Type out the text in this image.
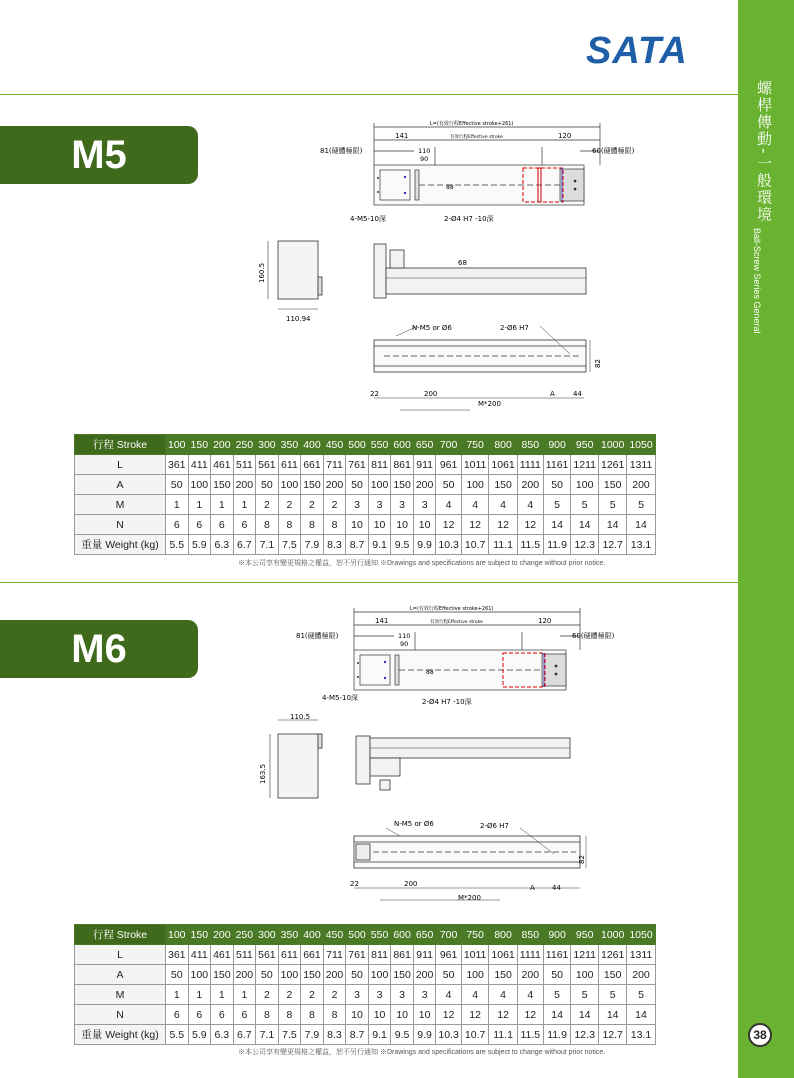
螺桿傳動-一般環境
Ball-Screw Series General
38
SATA
M5
M6
L=(有效行程Effective stroke+261)
有效行程Effective stroke
141	120
81(硬體極限)	60(硬體極限)
110
90
88
4-M5-10深	2-Ø4 H7 -10深
160.5
110.94
68
N-M5 or Ø6	2-Ø6 H7
82
22	200	A	44
M*200
行程 Stroke	100	150	200	250	300	350	400	450	500	550	600	650	700	750	800	850	900	950	1000	1050
L	361	411	461	511	561	611	661	711	761	811	861	911	961	1011	1061	1111	1161	1211	1261	1311
A	50	100	150	200	50	100	150	200	50	100	150	200	50	100	150	200	50	100	150	200
M	1	1	1	1	2	2	2	2	3	3	3	3	4	4	4	4	5	5	5	5
N	6	6	6	6	8	8	8	8	10	10	10	10	12	12	12	12	14	14	14	14
重量 Weight (kg)	5.5	5.9	6.3	6.7	7.1	7.5	7.9	8.3	8.7	9.1	9.5	9.9	10.3	10.7	11.1	11.5	11.9	12.3	12.7	13.1
※本公司享有變更規格之權益，恕不另行通知 ※Drawings and specifications are subject to change without prior notice.
L=(有效行程Effective stroke+261)
有效行程Effective stroke
141	120
81(硬體極限)	60(硬體極限)
110
90
88
4-M5-10深	2-Ø4 H7 -10深
110.5
163.5
N-M5 or Ø6	2-Ø6 H7
82
22	200	A 44
M*200
行程 Stroke	100	150	200	250	300	350	400	450	500	550	600	650	700	750	800	850	900	950	1000	1050
L	361	411	461	511	561	611	661	711	761	811	861	911	961	1011	1061	1111	1161	1211	1261	1311
A	50	100	150	200	50	100	150	200	50	100	150	200	50	100	150	200	50	100	150	200
M	1	1	1	1	2	2	2	2	3	3	3	3	4	4	4	4	5	5	5	5
N	6	6	6	6	8	8	8	8	10	10	10	10	12	12	12	12	14	14	14	14
重量 Weight (kg)	5.5	5.9	6.3	6.7	7.1	7.5	7.9	8.3	8.7	9.1	9.5	9.9	10.3	10.7	11.1	11.5	11.9	12.3	12.7	13.1
※本公司享有變更規格之權益，恕不另行通知 ※Drawings and specifications are subject to change without prior notice.
